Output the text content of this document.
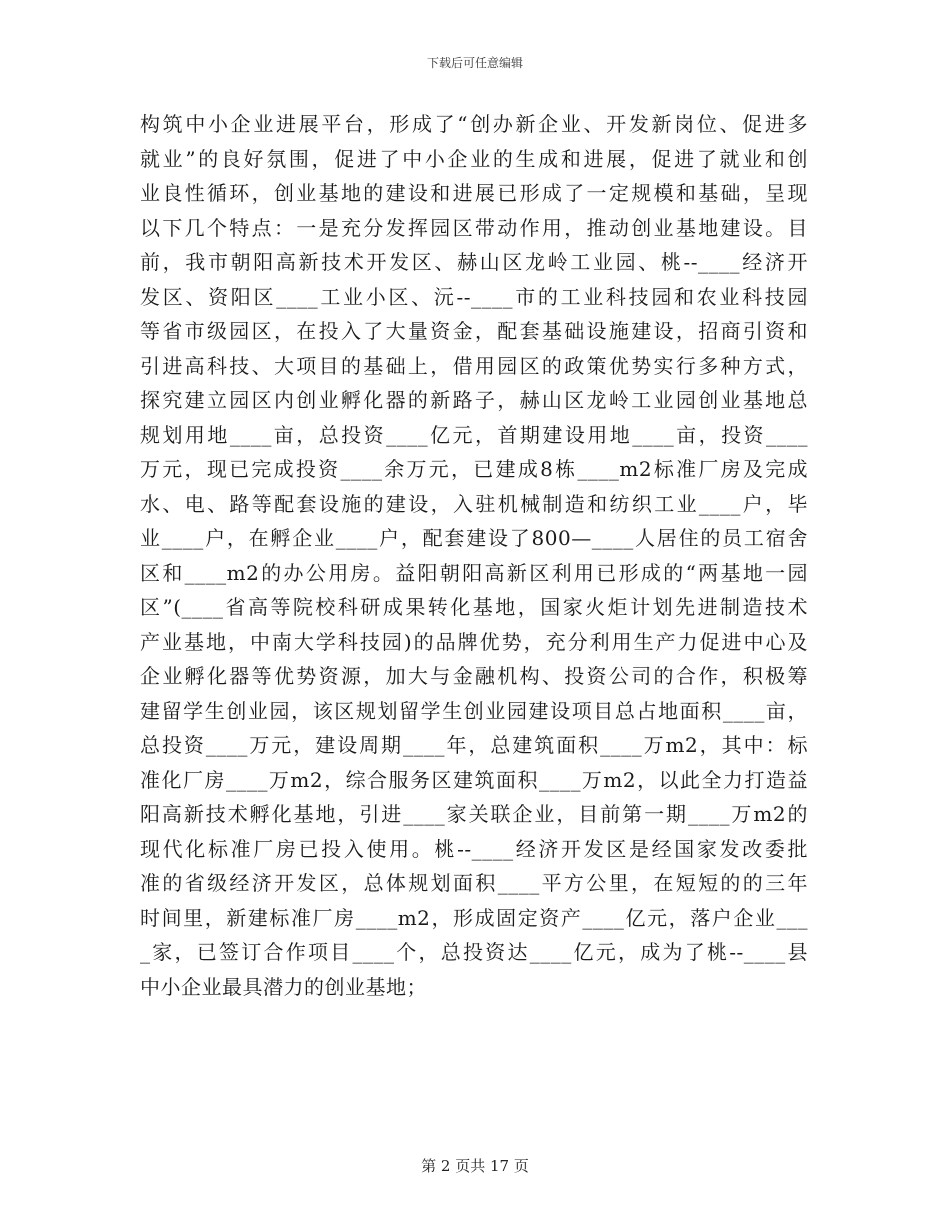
下载后可任意编辑
构筑中小企业进展平台，形成了“创办新企业、开发新岗位、促进多
就业”的良好氛围，促进了中小企业的生成和进展，促进了就业和创
业良性循环，创业基地的建设和进展已形成了一定规模和基础，呈现
以下几个特点：一是充分发挥园区带动作用，推动创业基地建设。目
前，我市朝阳高新技术开发区、赫山区龙岭工业园、桃--____经济开
发区、资阳区____工业小区、沅--____市的工业科技园和农业科技园
等省市级园区，在投入了大量资金，配套基础设施建设，招商引资和
引进高科技、大项目的基础上，借用园区的政策优势实行多种方式，
探究建立园区内创业孵化器的新路子，赫山区龙岭工业园创业基地总
规划用地____亩，总投资____亿元，首期建设用地____亩，投资____
万元，现已完成投资____余万元，已建成8栋____m2标准厂房及完成
水、电、路等配套设施的建设，入驻机械制造和纺织工业____户，毕
业____户，在孵企业____户，配套建设了800—____人居住的员工宿舍
区和____m2的办公用房。益阳朝阳高新区利用已形成的“两基地一园
区”(____省高等院校科研成果转化基地，国家火炬计划先进制造技术
产业基地，中南大学科技园)的品牌优势，充分利用生产力促进中心及
企业孵化器等优势资源，加大与金融机构、投资公司的合作，积极筹
建留学生创业园，该区规划留学生创业园建设项目总占地面积____亩，
总投资____万元，建设周期____年，总建筑面积____万m2，其中：标
准化厂房____万m2，综合服务区建筑面积____万m2，以此全力打造益
阳高新技术孵化基地，引进____家关联企业，目前第一期____万m2的
现代化标准厂房已投入使用。桃--____经济开发区是经国家发改委批
准的省级经济开发区，总体规划面积____平方公里，在短短的的三年
时间里，新建标准厂房____m2，形成固定资产____亿元，落户企业___
_家，已签订合作项目____个，总投资达____亿元，成为了桃--____县
中小企业最具潜力的创业基地；
第 2 页共 17 页
